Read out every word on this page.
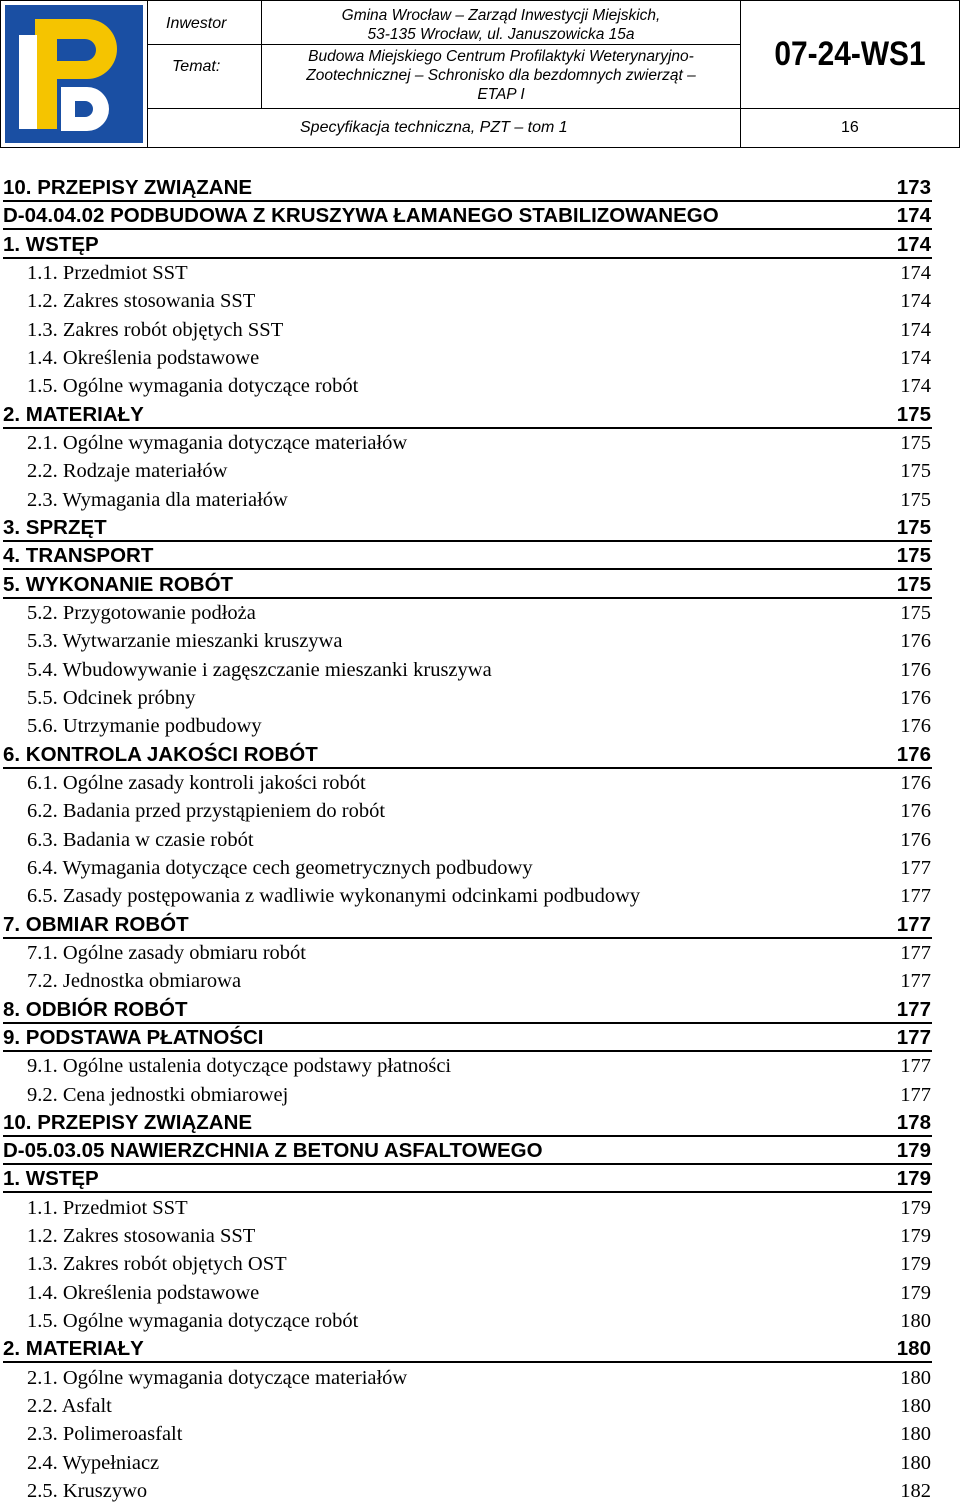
Inwestor
Temat:
Gmina Wrocław – Zarząd Inwestycji Miejskich,
53-135 Wrocław, ul. Januszowicka 15a
Budowa Miejskiego Centrum Profilaktyki Weterynaryjno-
Zootechnicznej – Schronisko dla bezdomnych zwierząt –
ETAP I
07-24-WS1
Specyfikacja techniczna, PZT – tom 1	16
10. PRZEPISY ZWIĄZANE	173
D-04.04.02 PODBUDOWA Z KRUSZYWA ŁAMANEGO STABILIZOWANEGO	174
1. WSTĘP	174
1.1. Przedmiot SST	174
1.2. Zakres stosowania SST	174
1.3. Zakres robót objętych SST	174
1.4. Określenia podstawowe	174
1.5. Ogólne wymagania dotyczące robót	174
2. MATERIAŁY	175
2.1. Ogólne wymagania dotyczące materiałów	175
2.2. Rodzaje materiałów	175
2.3. Wymagania dla materiałów	175
3. SPRZĘT	175
4. TRANSPORT	175
5. WYKONANIE ROBÓT	175
5.2. Przygotowanie podłoża	175
5.3. Wytwarzanie mieszanki kruszywa	176
5.4. Wbudowywanie i zagęszczanie mieszanki kruszywa	176
5.5. Odcinek próbny	176
5.6. Utrzymanie podbudowy	176
6. KONTROLA JAKOŚCI ROBÓT	176
6.1. Ogólne zasady kontroli jakości robót	176
6.2. Badania przed przystąpieniem do robót	176
6.3. Badania w czasie robót	176
6.4. Wymagania dotyczące cech geometrycznych podbudowy	177
6.5. Zasady postępowania z wadliwie wykonanymi odcinkami podbudowy	177
7. OBMIAR ROBÓT	177
7.1. Ogólne zasady obmiaru robót	177
7.2. Jednostka obmiarowa	177
8. ODBIÓR ROBÓT	177
9. PODSTAWA PŁATNOŚCI	177
9.1. Ogólne ustalenia dotyczące podstawy płatności	177
9.2. Cena jednostki obmiarowej	177
10. PRZEPISY ZWIĄZANE	178
D-05.03.05 NAWIERZCHNIA Z BETONU ASFALTOWEGO	179
1. WSTĘP	179
1.1. Przedmiot SST	179
1.2. Zakres stosowania SST	179
1.3. Zakres robót objętych OST	179
1.4. Określenia podstawowe	179
1.5. Ogólne wymagania dotyczące robót	180
2. MATERIAŁY	180
2.1. Ogólne wymagania dotyczące materiałów	180
2.2. Asfalt	180
2.3. Polimeroasfalt	180
2.4. Wypełniacz	180
2.5. Kruszywo	182
